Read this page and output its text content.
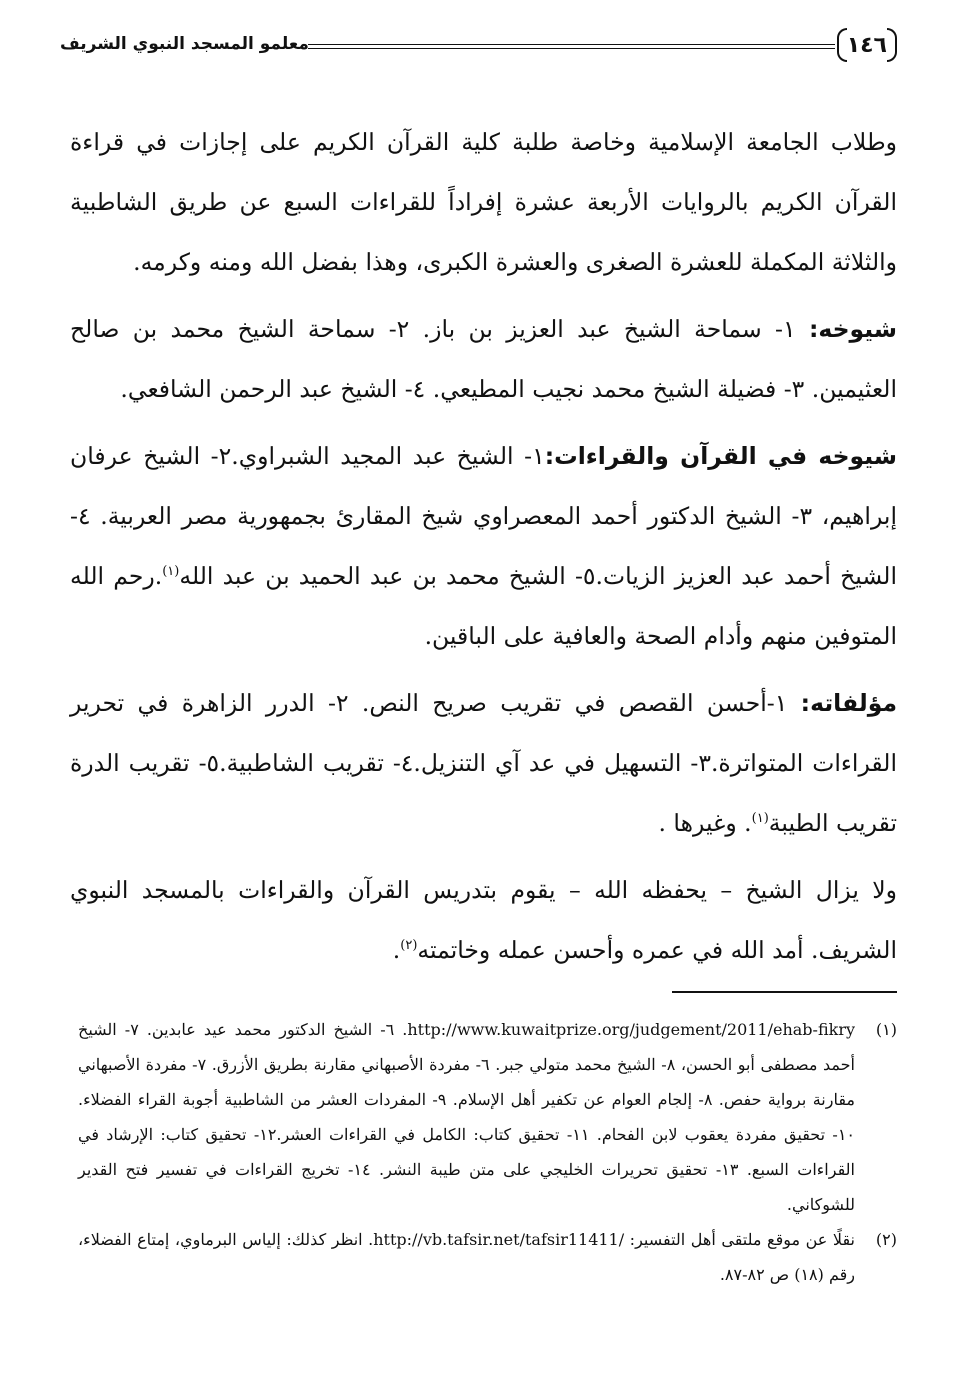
١٤٦
معلمو المسجد النبوي الشريف

وطلاب الجامعة الإسلامية وخاصة طلبة كلية القرآن الكريم على إجازات في قراءة القرآن الكريم بالروايات الأربعة عشرة إفراداً للقراءات السبع عن طريق الشاطبية والثلاثة المكملة للعشرة الصغرى والعشرة الكبرى، وهذا بفضل الله ومنه وكرمه.

شيوخه: ١- سماحة الشيخ عبد العزيز بن باز. ٢- سماحة الشيخ محمد بن صالح العثيمين. ٣- فضيلة الشيخ محمد نجيب المطيعي. ٤- الشيخ عبد الرحمن الشافعي.

شيوخه في القرآن والقراءات:١- الشيخ عبد المجيد الشبراوي.٢- الشيخ عرفان إبراهيم، ٣- الشيخ الدكتور أحمد المعصراوي شيخ المقارئ بجمهورية مصر العربية. ٤- الشيخ أحمد عبد العزيز الزيات.٥- الشيخ محمد بن عبد الحميد بن عبد الله$^{(١)}$.رحم الله المتوفين منهم وأدام الصحة والعافية على الباقين.

مؤلفاته: ١-أحسن القصص في تقريب صريح النص. ٢- الدرر الزاهرة في تحرير القراءات المتواترة.٣- التسهيل في عد آي التنزيل.٤- تقريب الشاطبية.٥- تقريب الدرة تقريب الطيبة$^{(١)}$. وغيرها .

ولا يزال الشيخ – يحفظه الله – يقوم بتدريس القرآن والقراءات بالمسجد النبوي الشريف. أمد الله في عمره وأحسن عمله وخاتمته$^{(٢)}$.

(١)
http://www.kuwaitprize.org/judgement/2011/ehab-fikry. ٦- الشيخ الدكتور محمد عيد عابدين. ٧- الشيخ أحمد مصطفى أبو الحسن، ٨- الشيخ محمد متولي جبر. ٦- مفردة الأصبهاني مقارنة بطريق الأزرق. ٧- مفردة الأصبهاني مقارنة برواية حفص. ٨- إلجام العوام عن تكفير أهل الإسلام. ٩- المفردات العشر من الشاطبية أجوبة القراء الفضلاء. ١٠- تحقيق مفردة يعقوب لابن الفحام. ١١- تحقيق كتاب: الكامل في القراءات العشر.١٢- تحقيق كتاب: الإرشاد في القراءات السبع. ١٣- تحقيق تحريرات الخليجي على متن طيبة النشر. ١٤- تخريج القراءات في تفسير فتح القدير للشوكاني.

(٢)
نقلًا عن موقع ملتقى أهل التفسير: http://vb.tafsir.net/tafsir11411/. انظر كذلك: إلياس البرماوي، إمتاع الفضلاء، رقم (١٨) ص ٨٢-٨٧.
